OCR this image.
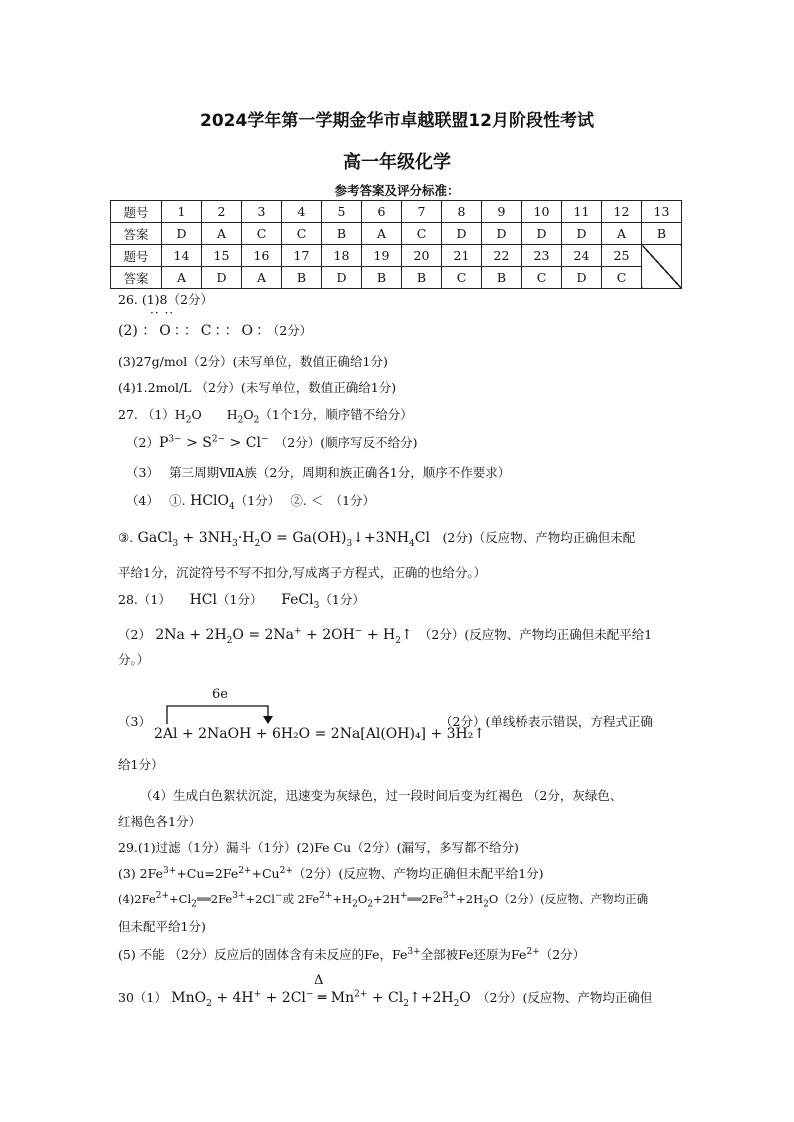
2024学年第一学期金华市卓越联盟12月阶段性考试
高一年级化学
参考答案及评分标准：
题号	1	2	3	4	5	6	7	8	9	10	11	12	13
答案	D	A	C	C	B	A	C	D	D	D	D	A	B
题号	14	15	16	17	18	19	20	21	22	23	24	25	
答案	A	D	A	B	D	B	B	C	B	C	D	C	
26. (1)8（2分）
·· ··
(2) ：O：：C：：O：（2分）
(3)27g/mol（2分）(未写单位，数值正确给1分)
(4)1.2mol/L （2分）(未写单位，数值正确给1分)
27. $(1)H_2O$　　$H_2O_2(1$个1分，顺序错不给分）
$(2)P^{3-} > S^{2-} > Cl^-$　（2分）(顺序写反不给分)
（3）　 第三周期ⅦA族（2分，周期和族正确各1分，顺序不作要求）
（4）　 ①. HClO$_4$（1分）　 ②. ＜　（1分）
③. GaCl$_3$ + $3NH_3\cdot H_2O$ = $Ga(OH)_3↓+3NH_4Cl$　(2分)（反应物、产物均正确但未配
平给1分，沉淀符号不写不扣分,写成离子方程式，正确的也给分。）
28.（1）　　HCl（1分）　　FeCl$_3$（1分）
（2） $2Na + 2H_2O = 2Na^+ + 2OH^-$ + $H_2↑$　（2分）(反应物、产物均正确但未配平给1
分。）
6e
（3）
2Al + 2NaOH + 6H₂O = 2Na[Al(OH)₄] + 3H₂↑
（2分）(单线桥表示错误，方程式正确
给1分）
（4）生成白色絮状沉淀，迅速变为灰绿色，过一段时间后变为红褐色 （2分，灰绿色、
红褐色各1分）
29.(1)过滤（1分）漏斗（1分）(2)Fe Cu（2分）(漏写，多写都不给分)
(3) $2Fe^{3+}+Cu=2Fe^{2+}+Cu^{2+}(2$分）(反应物、产物均正确但未配平给1分)
$(4)2Fe^{2+}+Cl_2══2Fe^{3+}+2Cl^-$或 $2Fe^{2+}+H_2O_2+2H^+══2Fe^{3+}+2H_2O(2$分）(反应物、产物均正确
但未配平给1分)
(5) 不能 （2分）反应后的固体含有未反应的Fe，$Fe^{3+}$全部被Fe还原为$Fe^{2+}(2$分）
Δ
30（1） MnO$_2$ + 4H+ + 2Cl− ═ $Mn^{2+}$ + $Cl_2↑+2H_2O$　（2分）(反应物、产物均正确但
